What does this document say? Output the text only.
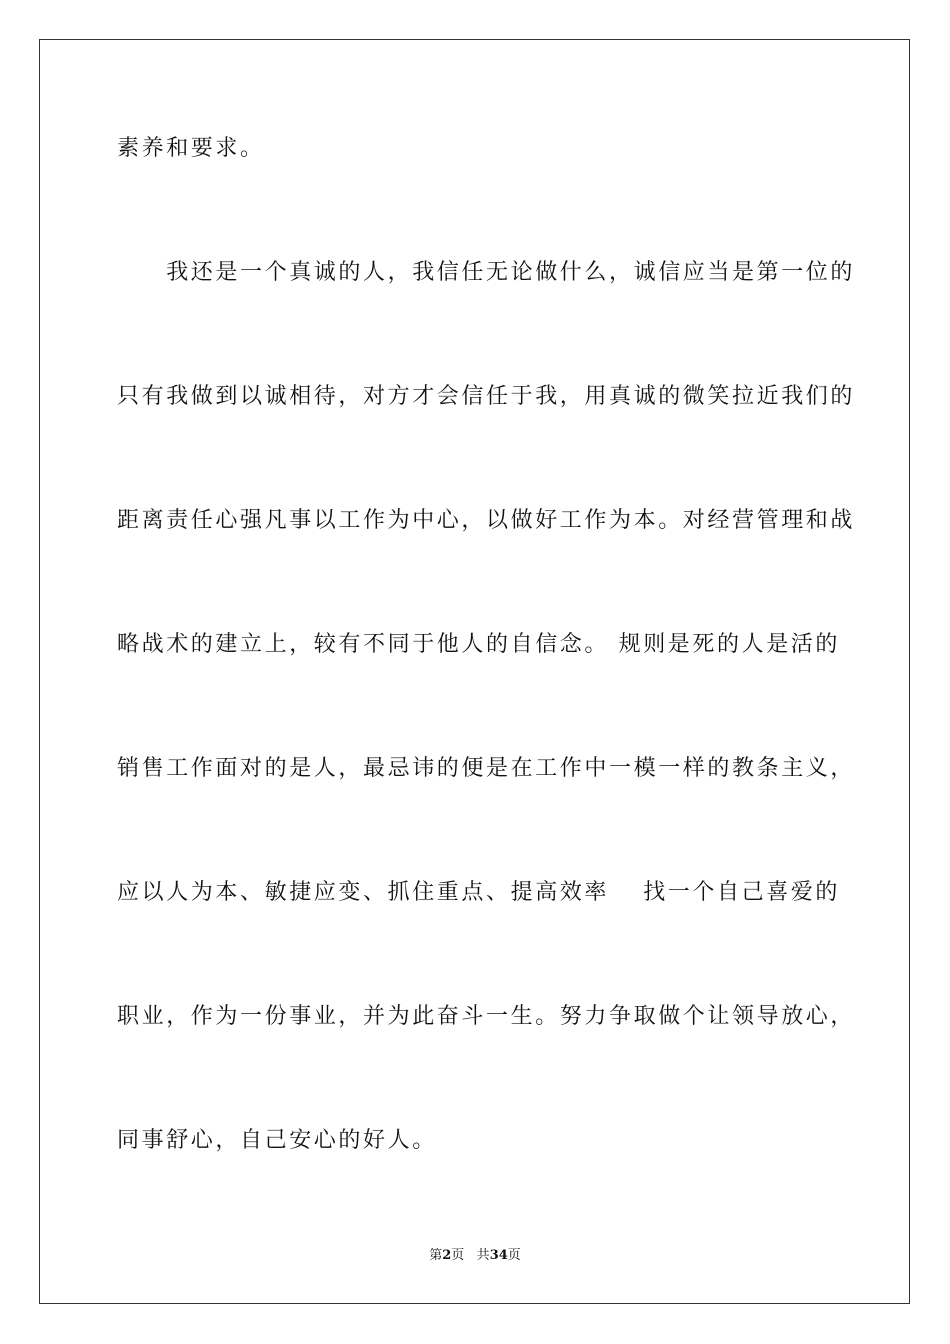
素养和要求。
　　我还是一个真诚的人，我信任无论做什么，诚信应当是第一位的
只有我做到以诚相待，对方才会信任于我，用真诚的微笑拉近我们的
距离责任心强凡事以工作为中心，以做好工作为本。对经营管理和战
略战术的建立上，较有不同于他人的自信念。 规则是死的人是活的
销售工作面对的是人，最忌讳的便是在工作中一模一样的教条主义，
应以人为本、敏捷应变、抓住重点、提高效率　 找一个自己喜爱的
职业，作为一份事业，并为此奋斗一生。努力争取做个让领导放心，
同事舒心，自己安心的好人。
第2页 共34页
